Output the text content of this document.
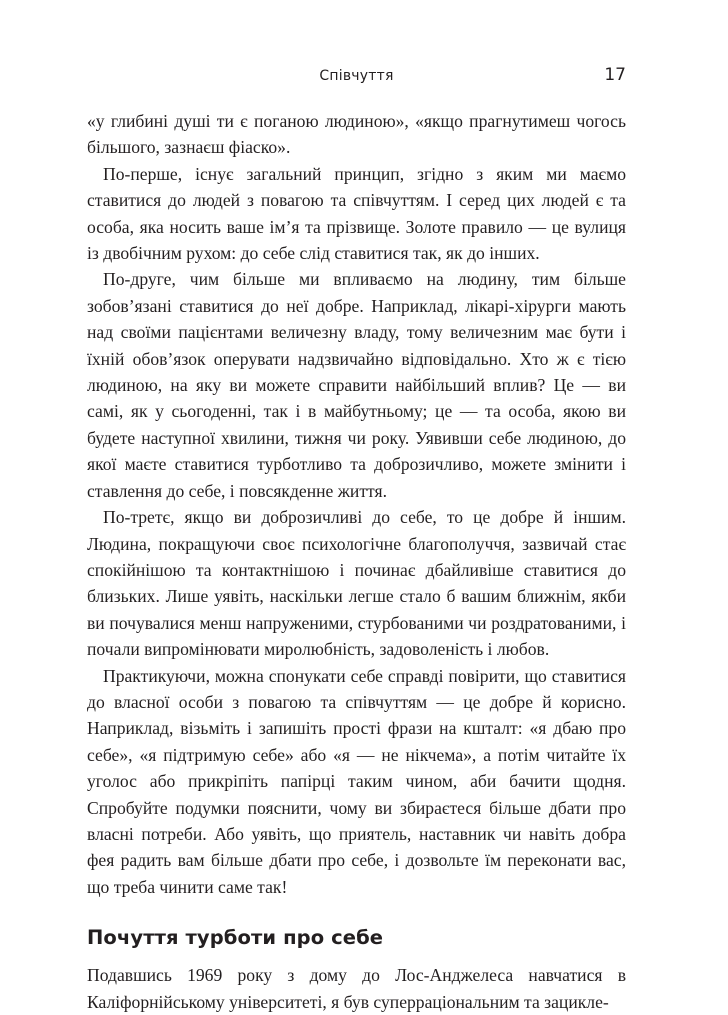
Співчуття	17

«у глибині душі ти є поганою людиною», «якщо прагнутимеш чогось більшого, зазнаєш фіаско».

По-перше, існує загальний принцип, згідно з яким ми маємо ставитися до людей з повагою та співчуттям. І серед цих людей є та особа, яка носить ваше ім’я та прізвище. Золоте правило — це вулиця із двобічним рухом: до себе слід ставитися так, як до інших.

По-друге, чим більше ми впливаємо на людину, тим більше зобов’язані ставитися до неї добре. Наприклад, лікарі-хірурги мають над своїми пацієнтами величезну владу, тому величезним має бути і їхній обов’язок оперувати надзвичайно відповідально. Хто ж є тією людиною, на яку ви можете справити найбільший вплив? Це — ви самі, як у сьогоденні, так і в майбутньому; це — та особа, якою ви будете наступної хвилини, тижня чи року. Уявивши себе людиною, до якої маєте ставитися турботливо та доброзичливо, можете змінити і ставлення до себе, і повсякденне життя.

По-третє, якщо ви доброзичливі до себе, то це добре й іншим. Людина, покращуючи своє психологічне благополуччя, зазвичай стає спокійнішою та контактнішою і починає дбайливіше ставитися до близьких. Лише уявіть, наскільки легше стало б вашим ближнім, якби ви почувалися менш напруженими, стурбованими чи роздратованими, і почали випромінювати миролюбність, задоволеність і любов.

Практикуючи, можна спонукати себе справді повірити, що ставитися до власної особи з повагою та співчуттям — це добре й корисно. Наприклад, візьміть і запишіть прості фрази на кшталт: «я дбаю про себе», «я підтримую себе» або «я — не нікчема», а потім читайте їх уголос або прикріпіть папірці таким чином, аби бачити щодня. Спробуйте подумки пояснити, чому ви збираєтеся більше дбати про власні потреби. Або уявіть, що приятель, наставник чи навіть добра фея радить вам більше дбати про себе, і дозвольте їм переконати вас, що треба чинити саме так!

Почуття турботи про себе

Подавшись 1969 року з дому до Лос-Анджелеса навчатися в Каліфорнійському університеті, я був суперраціональним та зацикле-
